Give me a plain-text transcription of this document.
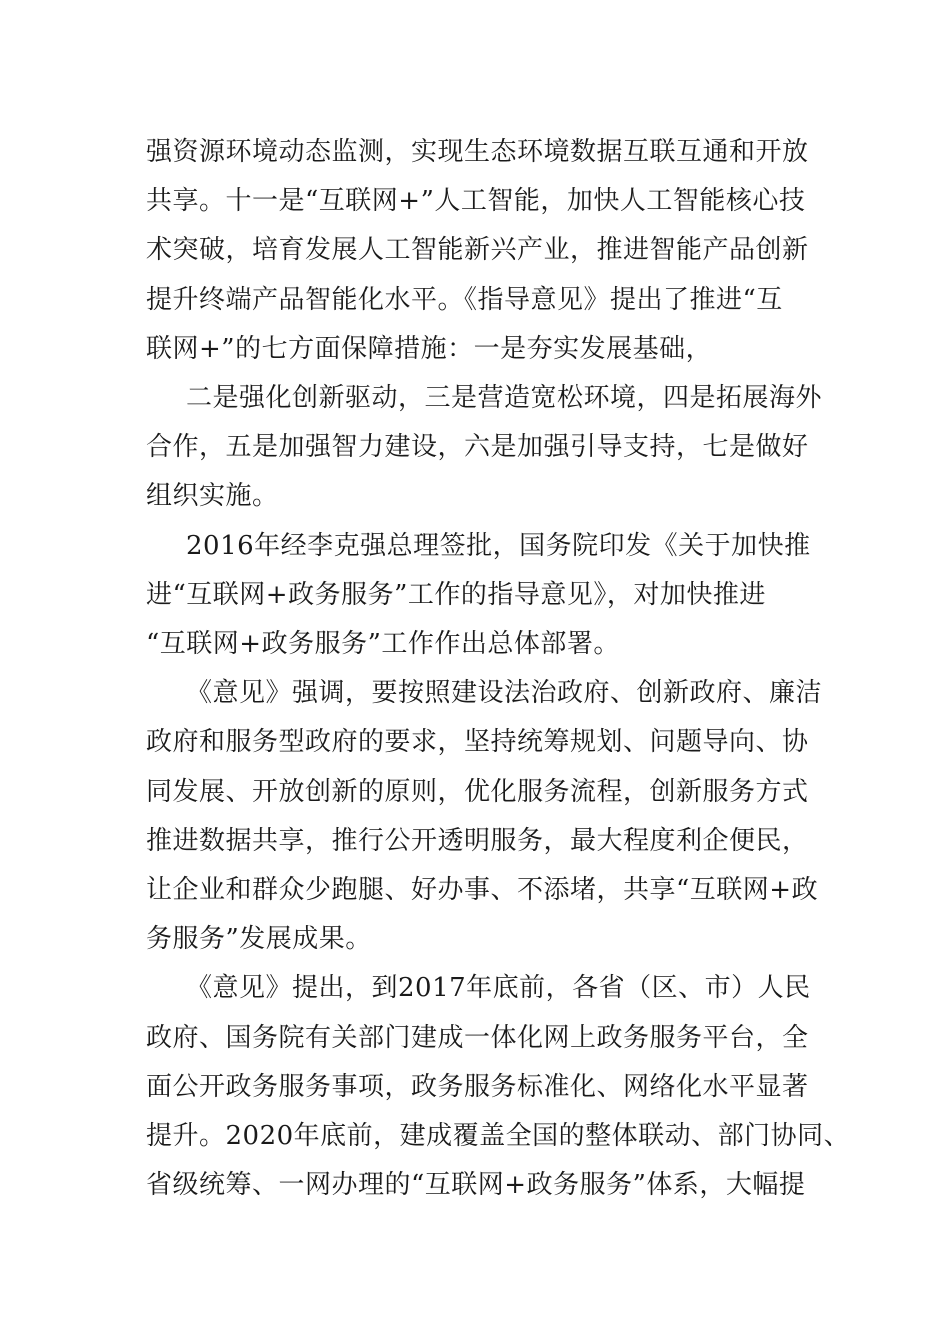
强资源环境动态监测，实现生态环境数据互联互通和开放
共享。十一是“互联网+”人工智能，加快人工智能核心技
术突破，培育发展人工智能新兴产业，推进智能产品创新
提升终端产品智能化水平。《指导意见》提出了推进“互
联网+”的七方面保障措施：一是夯实发展基础，
二是强化创新驱动，三是营造宽松环境，四是拓展海外
合作，五是加强智力建设，六是加强引导支持，七是做好
组织实施。
2016年经李克强总理签批，国务院印发《关于加快推
进“互联网+政务服务”工作的指导意见》，对加快推进
“互联网+政务服务”工作作出总体部署。
《意见》强调，要按照建设法治政府、创新政府、廉洁
政府和服务型政府的要求，坚持统筹规划、问题导向、协
同发展、开放创新的原则，优化服务流程，创新服务方式
推进数据共享，推行公开透明服务，最大程度利企便民，
让企业和群众少跑腿、好办事、不添堵，共享“互联网+政
务服务”发展成果。
《意见》提出，到2017年底前，各省（区、市）人民
政府、国务院有关部门建成一体化网上政务服务平台，全
面公开政务服务事项，政务服务标准化、网络化水平显著
提升。2020年底前，建成覆盖全国的整体联动、部门协同、
省级统筹、一网办理的“互联网+政务服务”体系，大幅提
